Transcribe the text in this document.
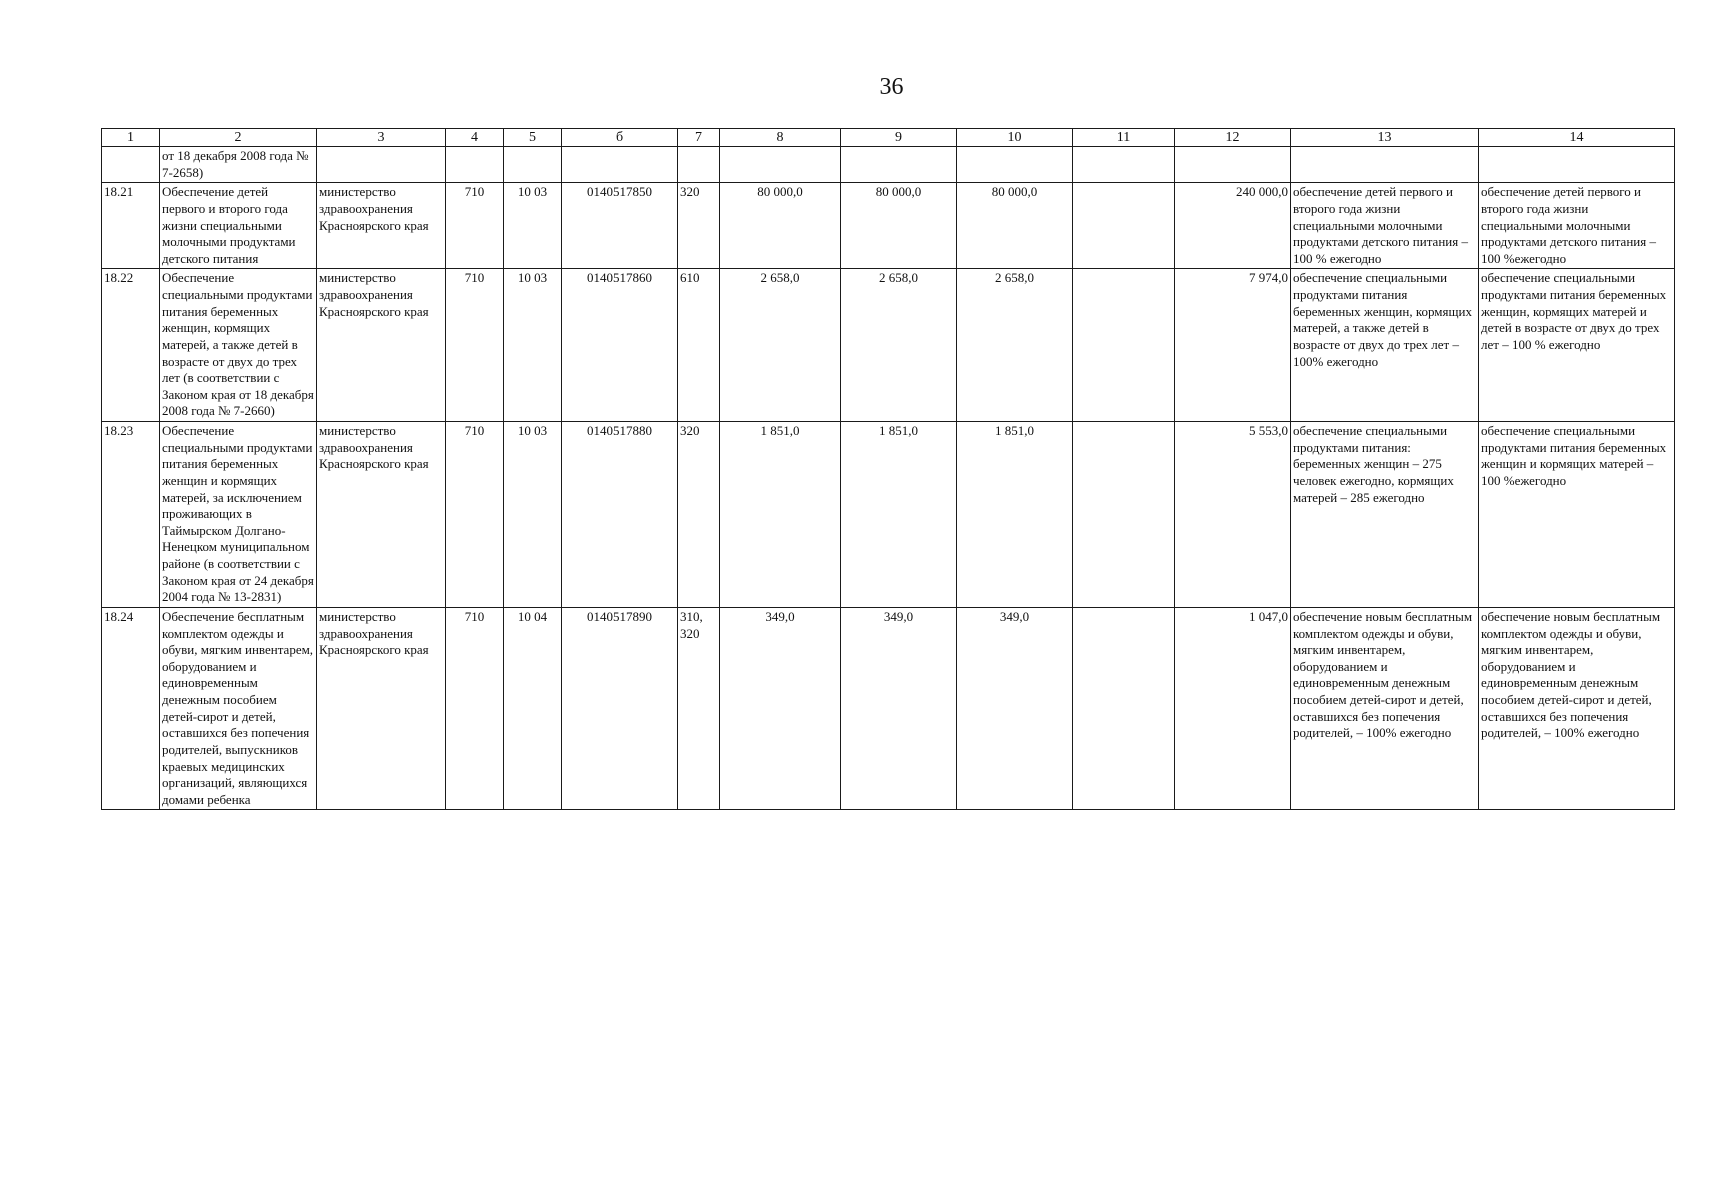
36
1	2	3	4	5	б	7	8	9	10	11	12	13	14
	от 18 декабря 2008 года № 7-2658)												
18.21	Обеспечение детей первого и второго года жизни специальными молочными продуктами детского питания	министерство здравоохранения Красноярского края	710	10 03	0140517850	320	80 000,0	80 000,0	80 000,0		240 000,0	обеспечение детей первого и второго года жизни специальными молочными продуктами детского питания – 100 % ежегодно	обеспечение детей первого и второго года жизни специальными молочными продуктами детского питания – 100 %ежегодно
18.22	Обеспечение специальными продуктами питания беременных женщин, кормящих матерей, а также детей в возрасте от двух до трех лет (в соответствии с Законом края от 18 декабря 2008 года № 7-2660)	министерство здравоохранения Красноярского края	710	10 03	0140517860	610	2 658,0	2 658,0	2 658,0		7 974,0	обеспечение специальными продуктами питания беременных женщин, кормящих матерей, а также детей в возрасте от двух до трех лет – 100% ежегодно	обеспечение специальными продуктами питания беременных женщин, кормящих матерей и детей в возрасте от двух до трех лет – 100 % ежегодно
18.23	Обеспечение специальными продуктами питания беременных женщин и кормящих матерей, за исключением проживающих в Таймырском Долгано-Ненецком муниципальном районе (в соответствии с Законом края от 24 декабря 2004 года № 13-2831)	министерство здравоохранения Красноярского края	710	10 03	0140517880	320	1 851,0	1 851,0	1 851,0		5 553,0	обеспечение специальными продуктами питания: беременных женщин – 275 человек ежегодно, кормящих матерей – 285 ежегодно	обеспечение специальными продуктами питания беременных женщин и кормящих матерей – 100 %ежегодно
18.24	Обеспечение бесплатным комплектом одежды и обуви, мягким инвентарем, оборудованием и единовременным денежным пособием детей-сирот и детей, оставшихся без попечения родителей, выпускников краевых медицинских организаций, являющихся домами ребенка	министерство здравоохранения Красноярского края	710	10 04	0140517890	310, 320	349,0	349,0	349,0		1 047,0	обеспечение новым бесплатным комплектом одежды и обуви, мягким инвентарем, оборудованием и единовременным денежным пособием детей-сирот и детей, оставшихся без попечения родителей, – 100% ежегодно	обеспечение новым бесплатным комплектом одежды и обуви, мягким инвентарем, оборудованием и единовременным денежным пособием детей-сирот и детей, оставшихся без попечения родителей, – 100% ежегодно
